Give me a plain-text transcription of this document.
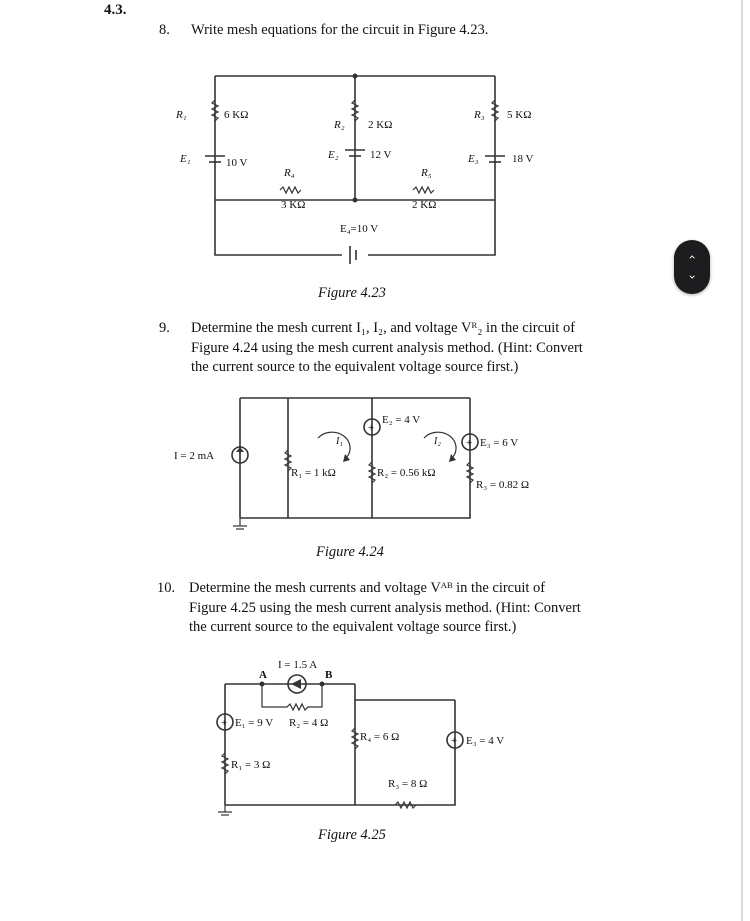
4.3.
8. Write mesh equations for the circuit in Figure 4.23.
R₁	6 KΩ
R₂ 2 KΩ
R₃ 5 KΩ
E₁	10 V
E₂	12 V	E₃	18 V
R₄
3 KΩ
R₅
2 KΩ
E₄=10 V
Figure 4.23
9. Determine the mesh current I₁, I₂, and voltage Vᴿ₂ in the circuit of
Figure 4.24 using the mesh current analysis method. (Hint: Convert
the current source to the equivalent voltage source first.)
+
+
I = 2 mA
R₁ = 1 kΩ	R₂ = 0.56 kΩ
R₃ = 0.82 Ω
E₂ = 4 V
E₃ = 6 V
I₁	I₂
Figure 4.24
10. Determine the mesh currents and voltage Vᴬᴮ in the circuit of
Figure 4.25 using the mesh current analysis method. (Hint: Convert
the current source to the equivalent voltage source first.)
+
+
I = 1.5 A
A	B
E₁ = 9 V R₂ = 4 Ω
R₁ = 3 Ω
R₄ = 6 Ω
R₃ = 8 Ω
E₃ = 4 V
Figure 4.25
‹
›
